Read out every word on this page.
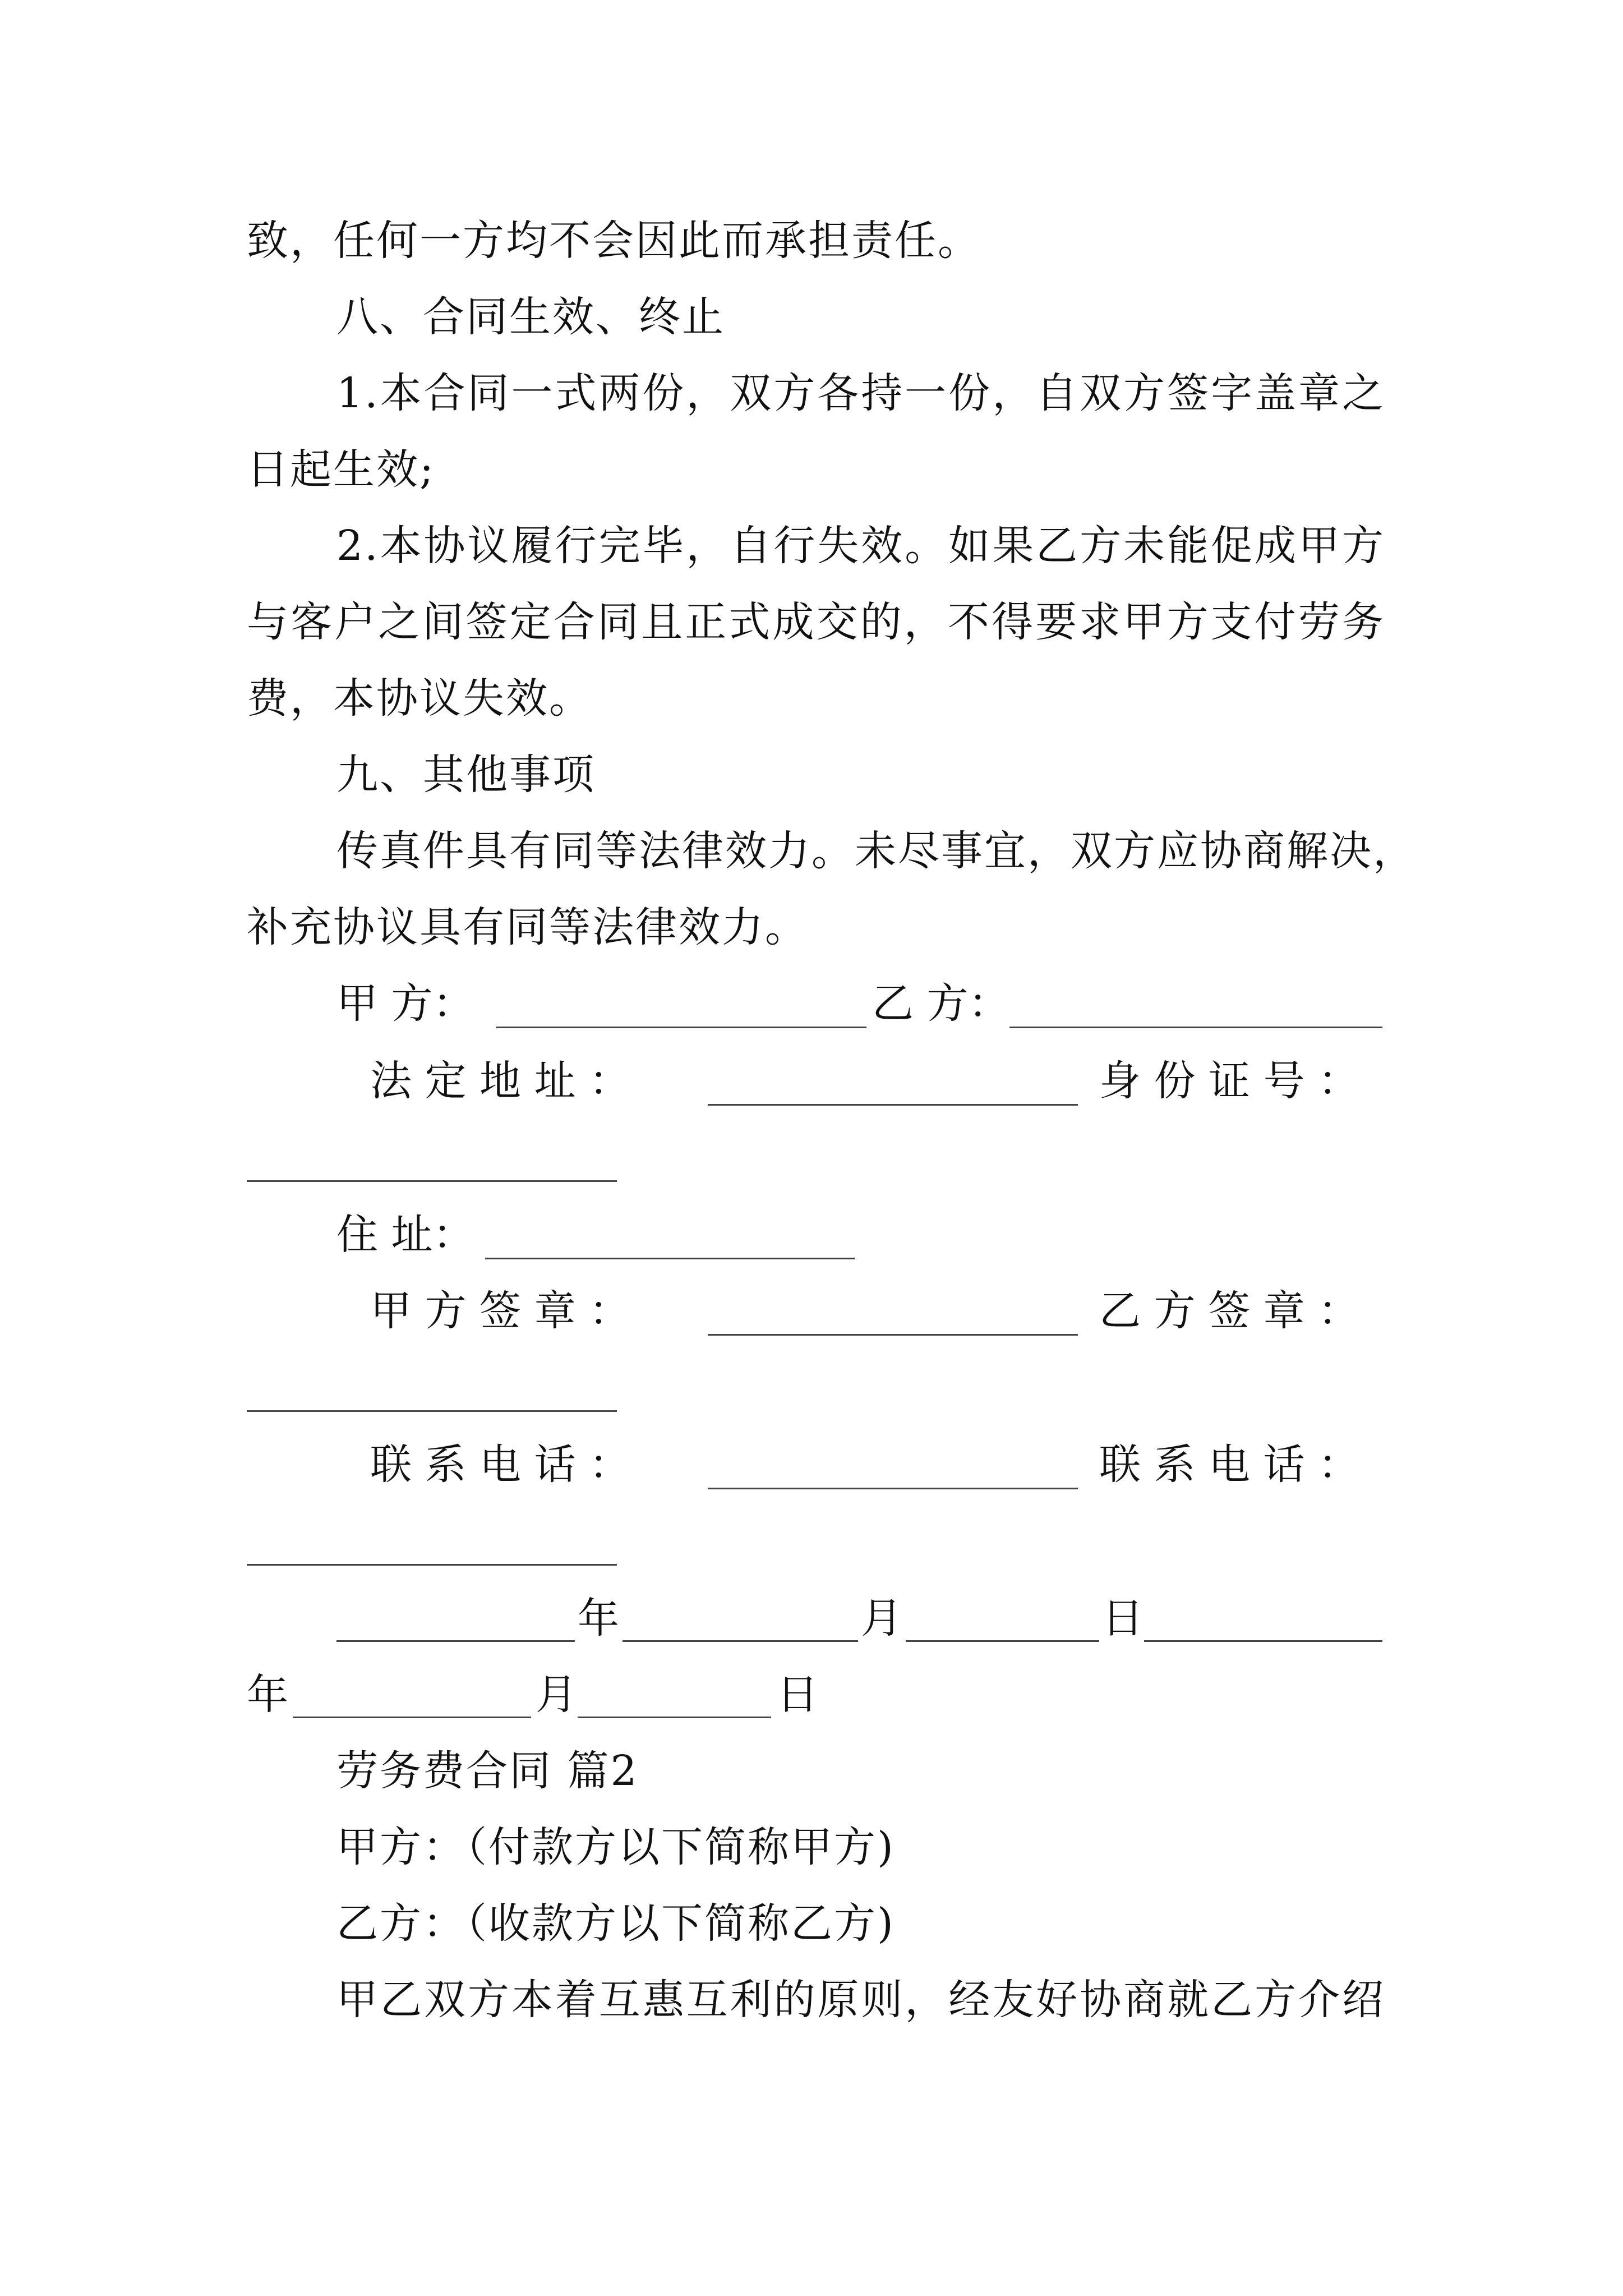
致，任何一方均不会因此而承担责任。
八、合同生效、终止
1.本合同一式两份，双方各持一份，自双方签字盖章之
日起生效;
2.本协议履行完毕，自行失效。如果乙方未能促成甲方
与客户之间签定合同且正式成交的，不得要求甲方支付劳务
费，本协议失效。
九、其他事项
传真件具有同等法律效力。未尽事宜，双方应协商解决，
补充协议具有同等法律效力。
甲 方：	乙 方：
法 定 地 址 ：	身 份 证 号 ：
住 址：
甲 方 签 章 ：	乙 方 签 章 ：
联 系 电 话 ：	联 系 电 话 ：
年	月	日
年	月	日
劳务费合同 篇2
甲方：（付款方以下简称甲方)
乙方：（收款方以下简称乙方)
甲乙双方本着互惠互利的原则，经友好协商就乙方介绍
